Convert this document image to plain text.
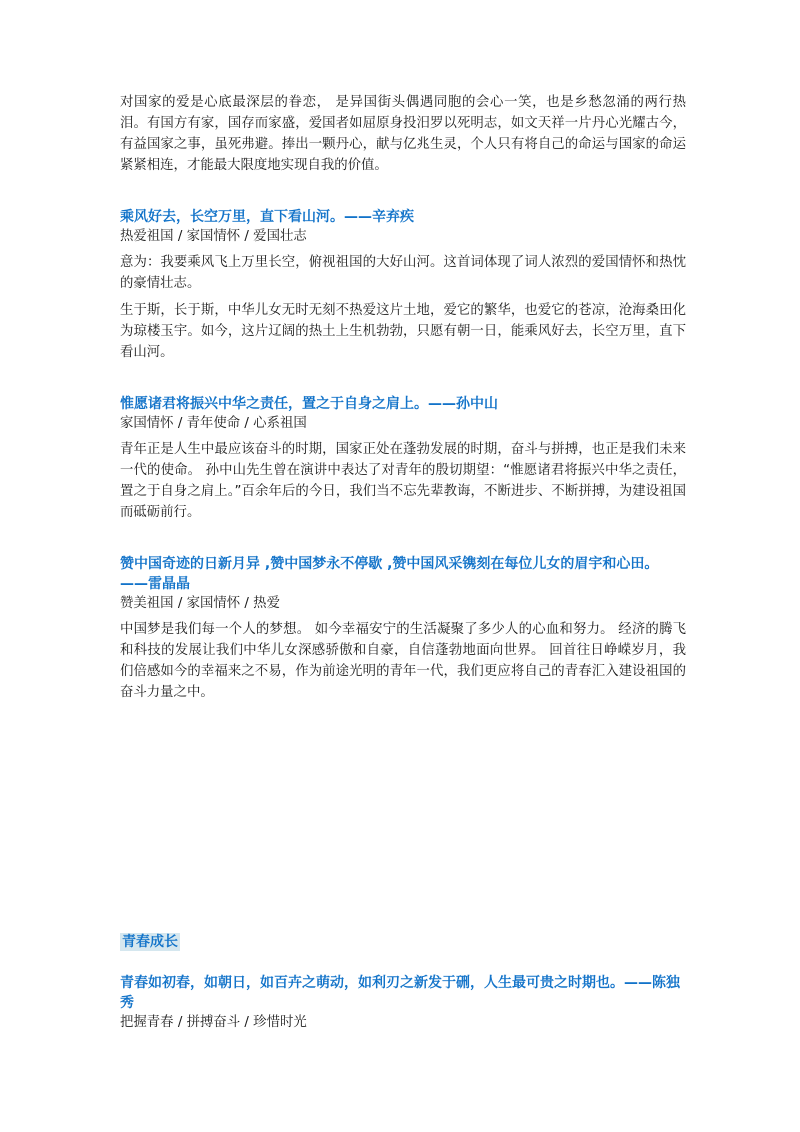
对国家的爱是心底最深层的眷恋， 是异国街头偶遇同胞的会心一笑，也是乡愁忽涌的两行热泪。有国方有家，国存而家盛，爱国者如屈原身投汨罗以死明志，如文天祥一片丹心光耀古今，有益国家之事，虽死弗避。捧出一颗丹心，献与亿兆生灵，个人只有将自己的命运与国家的命运紧紧相连，才能最大限度地实现自我的价值。

乘风好去，长空万里，直下看山河。——辛弃疾

热爱祖国 / 家国情怀 / 爱国壮志

意为：我要乘风飞上万里长空，俯视祖国的大好山河。这首词体现了词人浓烈的爱国情怀和热忱的豪情壮志。

生于斯，长于斯，中华儿女无时无刻不热爱这片土地，爱它的繁华，也爱它的苍凉，沧海桑田化为琼楼玉宇。如今，这片辽阔的热土上生机勃勃，只愿有朝一日，能乘风好去，长空万里，直下看山河。

惟愿诸君将振兴中华之责任，置之于自身之肩上。——孙中山

家国情怀 / 青年使命 / 心系祖国

青年正是人生中最应该奋斗的时期，国家正处在蓬勃发展的时期，奋斗与拼搏，也正是我们未来一代的使命。 孙中山先生曾在演讲中表达了对青年的殷切期望：“惟愿诸君将振兴中华之责任，置之于自身之肩上。”百余年后的今日，我们当不忘先辈教诲，不断进步、不断拼搏，为建设祖国而砥砺前行。

赞中国奇迹的日新月异 ,赞中国梦永不停歇 ,赞中国风采镌刻在每位儿女的眉宇和心田。——雷晶晶

赞美祖国 / 家国情怀 / 热爱

中国梦是我们每一个人的梦想。 如今幸福安宁的生活凝聚了多少人的心血和努力。 经济的腾飞和科技的发展让我们中华儿女深感骄傲和自豪，自信蓬勃地面向世界。 回首往日峥嵘岁月，我们倍感如今的幸福来之不易，作为前途光明的青年一代，我们更应将自己的青春汇入建设祖国的奋斗力量之中。

青春成长

青春如初春，如朝日，如百卉之萌动，如利刃之新发于硎，人生最可贵之时期也。——陈独秀

把握青春 / 拼搏奋斗 / 珍惜时光
